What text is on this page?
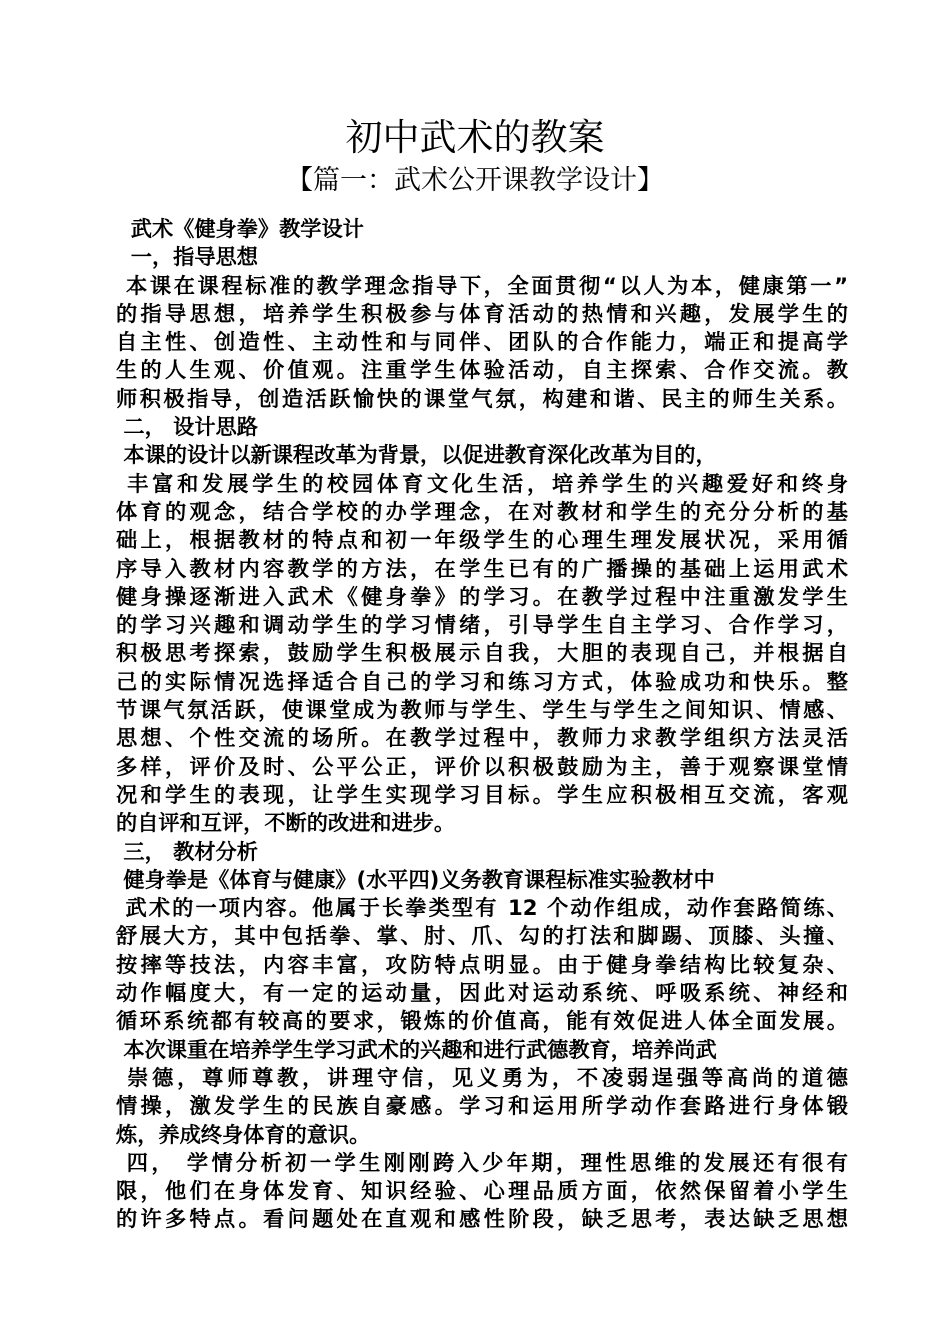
初中武术的教案
【篇一：武术公开课教学设计】
武术《健身拳》教学设计
一，指导思想
本课在课程标准的教学理念指导下，全面贯彻“以人为本，健康第一”
的指导思想，培养学生积极参与体育活动的热情和兴趣，发展学生的
自主性、创造性、主动性和与同伴、团队的合作能力，端正和提高学
生的人生观、价值观。注重学生体验活动，自主探索、合作交流。教
师积极指导，创造活跃愉快的课堂气氛，构建和谐、民主的师生关系。
二， 设计思路
本课的设计以新课程改革为背景，以促进教育深化改革为目的，
丰富和发展学生的校园体育文化生活，培养学生的兴趣爱好和终身
体育的观念，结合学校的办学理念，在对教材和学生的充分分析的基
础上，根据教材的特点和初一年级学生的心理生理发展状况，采用循
序导入教材内容教学的方法，在学生已有的广播操的基础上运用武术
健身操逐渐进入武术《健身拳》的学习。在教学过程中注重激发学生
的学习兴趣和调动学生的学习情绪，引导学生自主学习、合作学习，
积极思考探索，鼓励学生积极展示自我，大胆的表现自己，并根据自
己的实际情况选择适合自己的学习和练习方式，体验成功和快乐。整
节课气氛活跃，使课堂成为教师与学生、学生与学生之间知识、情感、
思想、个性交流的场所。在教学过程中，教师力求教学组织方法灵活
多样，评价及时、公平公正，评价以积极鼓励为主，善于观察课堂情
况和学生的表现，让学生实现学习目标。学生应积极相互交流，客观
的自评和互评，不断的改进和进步。
三， 教材分析
健身拳是《体育与健康》(水平四)义务教育课程标准实验教材中
武术的一项内容。他属于长拳类型有 12 个动作组成，动作套路简练、
舒展大方，其中包括拳、掌、肘、爪、勾的打法和脚踢、顶膝、头撞、
按摔等技法，内容丰富，攻防特点明显。由于健身拳结构比较复杂、
动作幅度大，有一定的运动量，因此对运动系统、呼吸系统、神经和
循环系统都有较高的要求，锻炼的价值高，能有效促进人体全面发展。
本次课重在培养学生学习武术的兴趣和进行武德教育，培养尚武
崇德，尊师尊教，讲理守信，见义勇为，不凌弱逞强等高尚的道德
情操，激发学生的民族自豪感。学习和运用所学动作套路进行身体锻
炼，养成终身体育的意识。
四， 学情分析初一学生刚刚跨入少年期，理性思维的发展还有很有
限，他们在身体发育、知识经验、心理品质方面，依然保留着小学生
的许多特点。看问题处在直观和感性阶段，缺乏思考，表达缺乏思想
